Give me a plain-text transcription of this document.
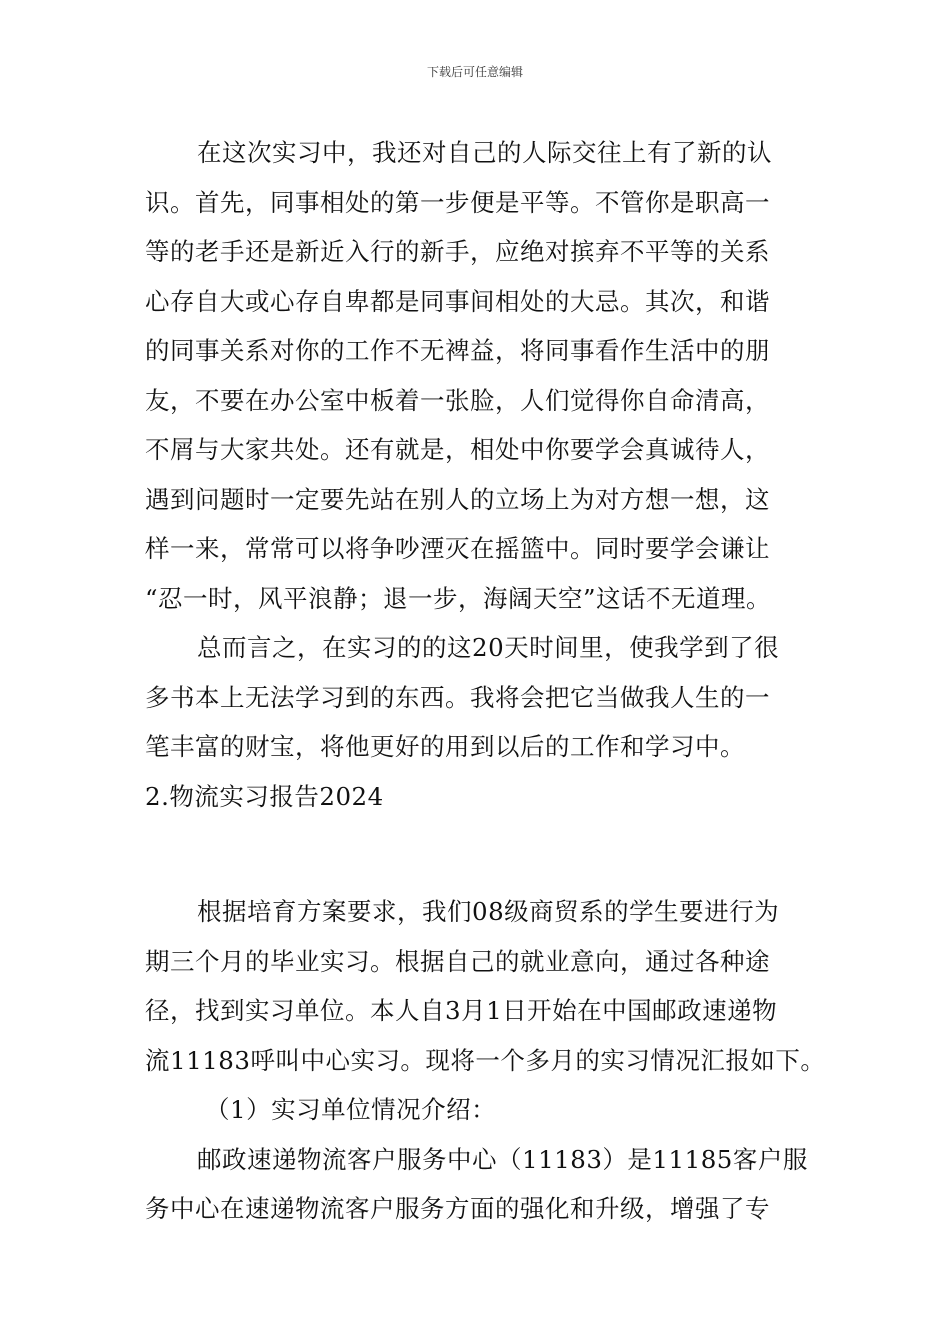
下载后可任意编辑
在这次实习中，我还对自己的人际交往上有了新的认
识。首先，同事相处的第一步便是平等。不管你是职高一
等的老手还是新近入行的新手，应绝对摈弃不平等的关系
心存自大或心存自卑都是同事间相处的大忌。其次，和谐
的同事关系对你的工作不无裨益，将同事看作生活中的朋
友，不要在办公室中板着一张脸，人们觉得你自命清高，
不屑与大家共处。还有就是，相处中你要学会真诚待人，
遇到问题时一定要先站在别人的立场上为对方想一想，这
样一来，常常可以将争吵湮灭在摇篮中。同时要学会谦让
“忍一时，风平浪静；退一步，海阔天空”这话不无道理。
总而言之，在实习的的这20天时间里，使我学到了很
多书本上无法学习到的东西。我将会把它当做我人生的一
笔丰富的财宝，将他更好的用到以后的工作和学习中。
2.物流实习报告2024
根据培育方案要求，我们08级商贸系的学生要进行为
期三个月的毕业实习。根据自己的就业意向，通过各种途
径，找到实习单位。本人自3月1日开始在中国邮政速递物
流11183呼叫中心实习。现将一个多月的实习情况汇报如下。
（1）实习单位情况介绍：
邮政速递物流客户服务中心（11183）是11185客户服
务中心在速递物流客户服务方面的强化和升级，增强了专
